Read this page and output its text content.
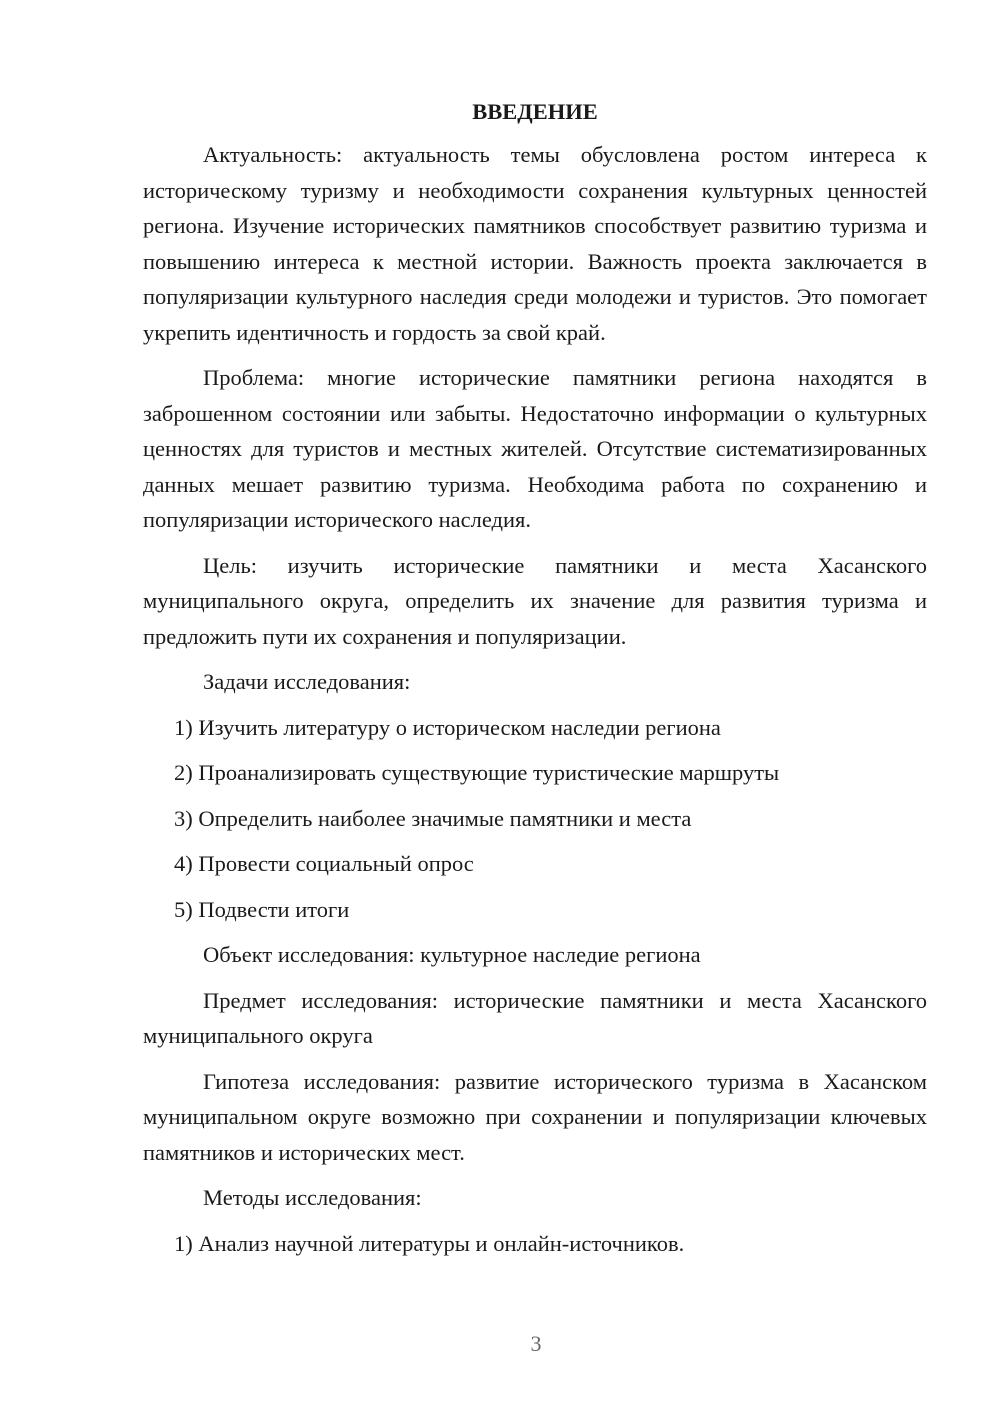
ВВЕДЕНИЕ

Актуальность: актуальность темы обусловлена ростом интереса к историческому туризму и необходимости сохранения культурных ценностей региона. Изучение исторических памятников способствует развитию туризма и повышению интереса к местной истории. Важность проекта заключается в популяризации культурного наследия среди молодежи и туристов. Это помогает укрепить идентичность и гордость за свой край.

Проблема: многие исторические памятники региона находятся в заброшенном состоянии или забыты. Недостаточно информации о культурных ценностях для туристов и местных жителей. Отсутствие систематизированных данных мешает развитию туризма. Необходима работа по сохранению и популяризации исторического наследия.

Цель: изучить исторические памятники и места Хасанского муниципального округа, определить их значение для развития туризма и предложить пути их сохранения и популяризации.

Задачи исследования:

1) Изучить литературу о историческом наследии региона

2) Проанализировать существующие туристические маршруты

3) Определить наиболее значимые памятники и места

4) Провести социальный опрос

5) Подвести итоги

Объект исследования: культурное наследие региона

Предмет исследования: исторические памятники и места Хасанского муниципального округа

Гипотеза исследования: развитие исторического туризма в Хасанском муниципальном округе возможно при сохранении и популяризации ключевых памятников и исторических мест.

Методы исследования:

1) Анализ научной литературы и онлайн-источников.

3
